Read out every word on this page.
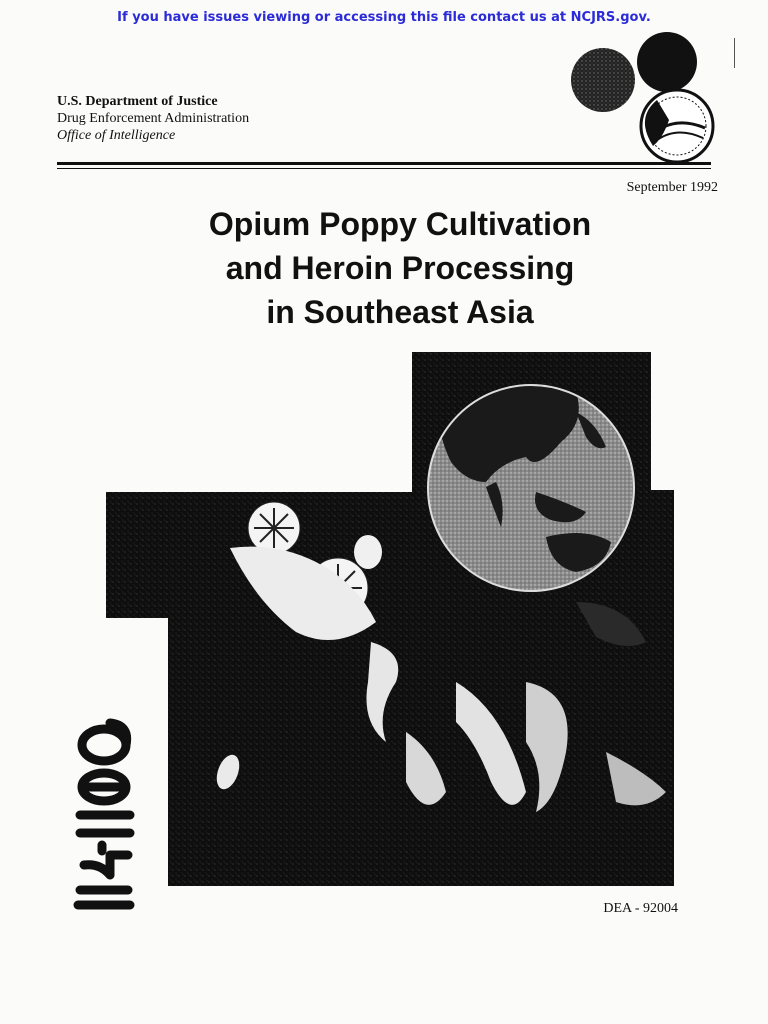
If you have issues viewing or accessing this file contact us at NCJRS.gov.
U.S. Department of Justice
Drug Enforcement Administration
Office of Intelligence
September 1992
Opium Poppy Cultivation
and Heroin Processing
in Southeast Asia
DEA - 92004
